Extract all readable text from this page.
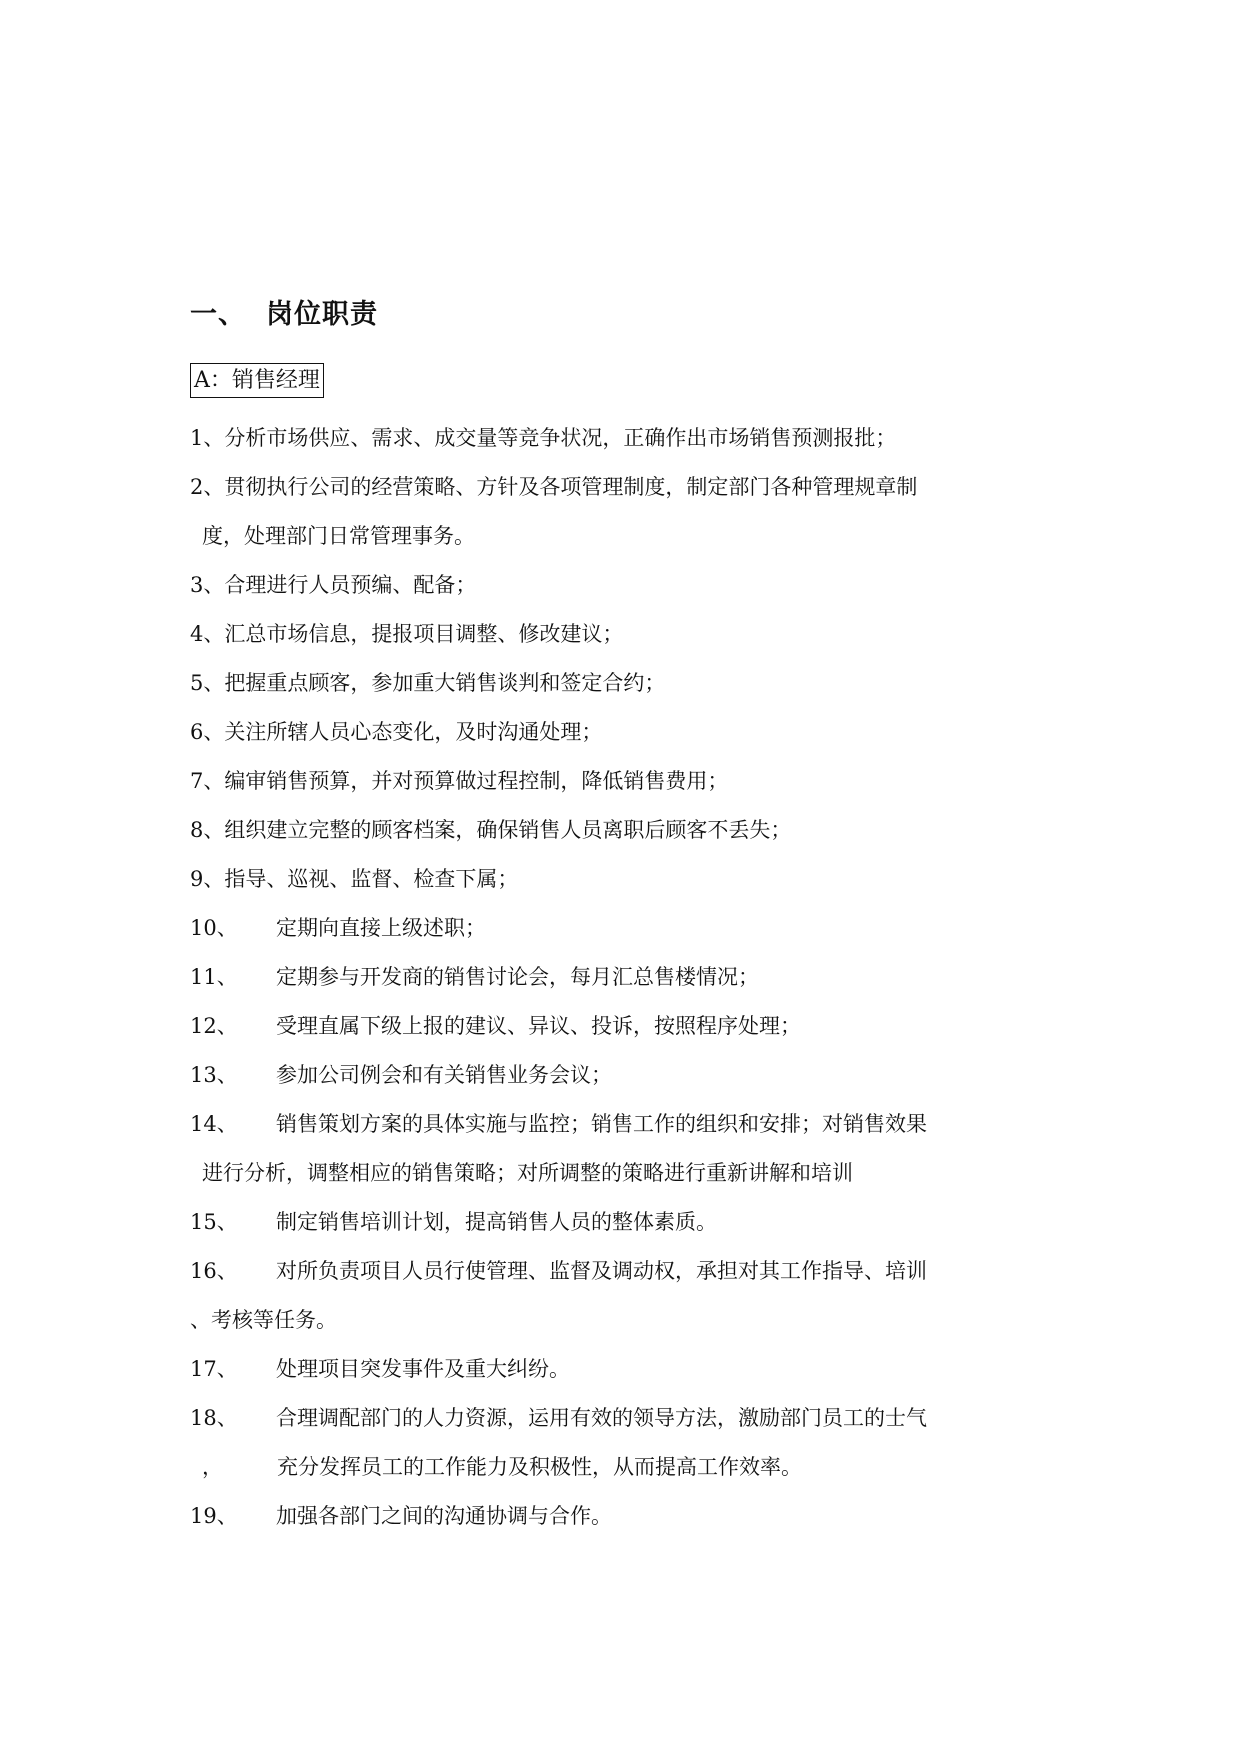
一、 岗位职责
A：销售经理
1、分析市场供应、需求、成交量等竞争状况，正确作出市场销售预测报批；
2、贯彻执行公司的经营策略、方针及各项管理制度，制定部门各种管理规章制
度，处理部门日常管理事务。
3、合理进行人员预编、配备；
4、汇总市场信息，提报项目调整、修改建议；
5、把握重点顾客，参加重大销售谈判和签定合约；
6、关注所辖人员心态变化，及时沟通处理；
7、编审销售预算，并对预算做过程控制，降低销售费用；
8、组织建立完整的顾客档案，确保销售人员离职后顾客不丢失；
9、指导、巡视、监督、检查下属；
10、 定期向直接上级述职；
11、 定期参与开发商的销售讨论会，每月汇总售楼情况；
12、 受理直属下级上报的建议、异议、投诉，按照程序处理；
13、 参加公司例会和有关销售业务会议；
14、 销售策划方案的具体实施与监控；销售工作的组织和安排；对销售效果
进行分析，调整相应的销售策略；对所调整的策略进行重新讲解和培训
15、 制定销售培训计划，提高销售人员的整体素质。
16、 对所负责项目人员行使管理、监督及调动权，承担对其工作指导、培训
、考核等任务。
17、 处理项目突发事件及重大纠纷。
18、 合理调配部门的人力资源，运用有效的领导方法，激励部门员工的士气
，	充分发挥员工的工作能力及积极性，从而提高工作效率。
19、 加强各部门之间的沟通协调与合作。
